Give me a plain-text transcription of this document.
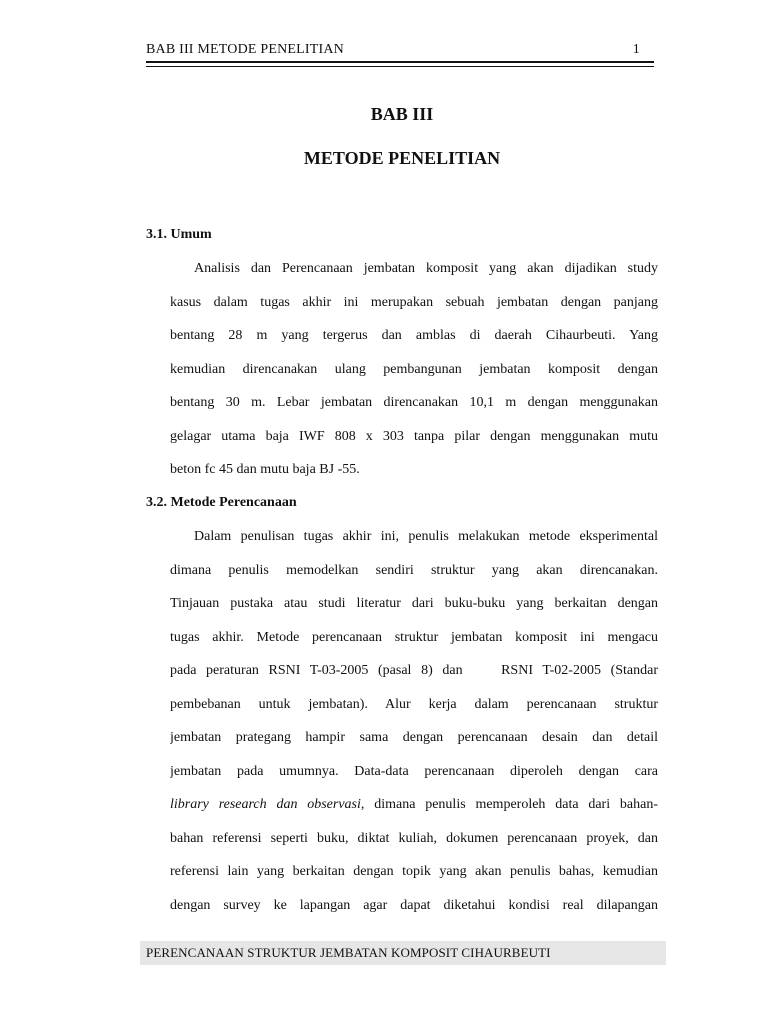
BAB III METODE PENELITIAN	1
BAB III
METODE PENELITIAN
3.1. Umum
Analisis dan Perencanaan jembatan komposit yang akan dijadikan study
kasus dalam tugas akhir ini merupakan sebuah jembatan dengan panjang
bentang 28 m yang tergerus dan amblas di daerah Cihaurbeuti. Yang
kemudian direncanakan ulang pembangunan jembatan komposit dengan
bentang 30 m. Lebar jembatan direncanakan 10,1 m dengan menggunakan
gelagar utama baja IWF 808 x 303 tanpa pilar dengan menggunakan mutu
beton fc 45 dan mutu baja BJ -55.
3.2. Metode Perencanaan
Dalam penulisan tugas akhir ini, penulis melakukan metode eksperimental
dimana penulis memodelkan sendiri struktur yang akan direncanakan.
Tinjauan pustaka atau studi literatur dari buku-buku yang berkaitan dengan
tugas akhir. Metode perencanaan struktur jembatan komposit ini mengacu
pada peraturan RSNI T-03-2005 (pasal 8) dan    RSNI T-02-2005 (Standar
pembebanan untuk jembatan). Alur kerja dalam perencanaan struktur
jembatan prategang hampir sama dengan perencanaan desain dan detail
jembatan pada umumnya. Data-data perencanaan diperoleh dengan cara
library research dan observasi, dimana penulis memperoleh data dari bahan-
bahan referensi seperti buku, diktat kuliah, dokumen perencanaan proyek, dan
referensi lain yang berkaitan dengan topik yang akan penulis bahas, kemudian
dengan survey ke lapangan agar dapat diketahui kondisi real dilapangan
PERENCANAAN STRUKTUR JEMBATAN KOMPOSIT CIHAURBEUTI
